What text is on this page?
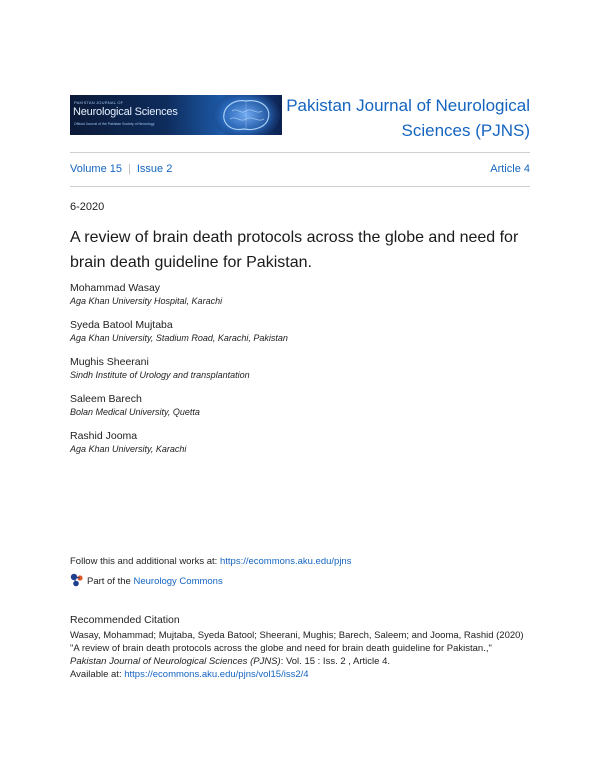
PAKISTAN JOURNAL OF
Neurological Sciences
Official Journal of the Pakistan Society of Neurology
Pakistan Journal of Neurological
Sciences (PJNS)
Volume 15 | Issue 2	Article 4
6-2020
A review of brain death protocols across the globe and need for
brain death guideline for Pakistan.
Mohammad Wasay
Aga Khan University Hospital, Karachi
Syeda Batool Mujtaba
Aga Khan University, Stadium Road, Karachi, Pakistan
Mughis Sheerani
Sindh Institute of Urology and transplantation
Saleem Barech
Bolan Medical University, Quetta
Rashid Jooma
Aga Khan University, Karachi
Follow this and additional works at: https://ecommons.aku.edu/pjns
Part of the Neurology Commons
Recommended Citation
Wasay, Mohammad; Mujtaba, Syeda Batool; Sheerani, Mughis; Barech, Saleem; and Jooma, Rashid (2020)
"A review of brain death protocols across the globe and need for brain death guideline for Pakistan.,"
Pakistan Journal of Neurological Sciences (PJNS): Vol. 15 : Iss. 2 , Article 4.
Available at: https://ecommons.aku.edu/pjns/vol15/iss2/4
